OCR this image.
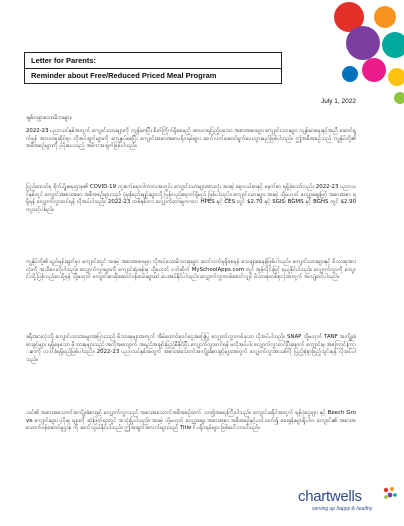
Letter for Parents:
Reminder about Free/Reduced Priced Meal Program
July 1, 2022
ချစ်လှစွာသောမိဘများ၊
2022-23 ပညာသင်နှစ်အတွက် ကျောင်းသားများကို ကျန်းမာပြီး စိတ်ကြိုက်ရှိစေမည့် အာဟာရပြည့်ဝသော အစားအစာများ ကျောင်းသားများ ကျန်းမာရေးနှင့်အညီ ဆောင်ရွက်ရန် အာဟာရဆိုင်ရာ လိုအပ်ချက်များကို ကျေနပ်စေပြီး ကျောင်းအစားအစာပရိုဂရမ်များ ဆက်လက်ဆောင်ရွက်ပေးသွားမည်ဖြစ်ပါသည်။ ဤအစီအစဉ်သည် ကျွန်ုပ်တို့၏ အစီအစဉ်များကို ပံ့ပိုးပေးသည့် အဓိကအချက်ဖြစ်ပါသည်။
ပြည်ထောင်စု စိုက်ပျိုးရေးဌာန၏ COVID-19 ကူးစက်ရောဂါကာလအတွင်း ကျောင်းသားများအားလုံး အခမဲ့ နေ့လယ်စာနှင့် မနက်စာ ရရှိခဲ့သော်လည်း 2022-23 ပညာသင်နှစ်တွင် ကျောင်းအစားအစာ အစီအစဉ်များသည် ပုံမှန်စည်းမျဉ်းများသို့ ပြန်လည်ရောက်ရှိမည် ဖြစ်ပါသည်။ ကျောင်းသားများ အခမဲ့ သို့မဟုတ် လျှော့စျေးဖြင့် အစားအစာ ရရှိရန် လျှောက်လွှာတင်ရန် လိုအပ်ပါသည်။ 2022-23 တစ်နှစ်တာ လျှောက်ထားမှုကာလ: HPES နှင့် CES တွင် $2.70 နှင့် SGIS၊ BGMS နှင့် BGHS တွင် $2.90 ကျသင့်ပါမည်။
ကျွန်ုပ်တို့၏ ရည်မှန်းချက်မှာ ကျောင်းတွင် အခမဲ့ အစားအစာများ လိုအပ်သောမိသားစုများ ဆက်လက်ရရှိစေရန် သေချာစေရန်ဖြစ်ပါသည်။ ကျောင်းသားများနှင့် မိသားစုအားလုံးကို အသိပေးလိုပါသည်။ လျှောက်လွှာများကို ကျောင်းရုံးခန်းမှ သို့မဟုတ် ဝဘ်ဆိုက် MySchoolApps.com တွင် အွန်လိုင်းဖြင့် ရယူနိုင်ပါသည်။ လျှောက်လွှာကို ကျောင်းသို့ ပြန်လည်ပေးပို့ရန် သို့မဟုတ် ကျောင်းစားဖိုဆောင်ဝန်ထမ်းများထံ ပေးအပ်နိုင်ပါသည်။ လျှောက်လွှာတစ်စောင်လျှင် မိသားစုတစ်စုလုံးအတွက် အကျုံးဝင်ပါသည်။
ခရီးအားလုံးသို့ ကျောင်းသားအများအပြားသည် မိသားစုများအတွက် အိမ်ထောင်စုဝင်ငွေအခြေပြု လျှောက်လွှာတစ်ခုသာ လိုအပ်ပါသည်။ SNAP သို့မဟုတ် TANF အကျိုးခံစားခွင့်များ ရရှိနေသော မိသားစုများသည် အလိုအလျောက် အရည်အချင်းပြည့်မီနိုင်ပြီး လျှောက်လွှာတင်ရန် မလိုအပ်ပါ။ လျှောက်လွှာတင်ပြီးနောက် ကျောင်းမှ အကြောင်းကြားစာကို လက်ခံရရှိမည်ဖြစ်ပါသည်။ 2022-23 ပညာသင်နှစ်အတွက် အစားအသောက်အကျိုးခံစားခွင့်များအတွက် လျှောက်လွှာအသစ်ကို ပြည့်စုံစွာဖြည့်သွင်းရန် လိုအပ်ပါသည်။
သင်၏ အစားအသောက်အကျိုးခံစားခွင့် လျှောက်လွှာသည် အစားအသောက်အစီအစဉ်ထက် သာ၍အရေးကြီးပါသည်။ ကျောင်းခရိုင်အတွက် ရန်ပုံငွေများ နှင့် Beech Grove ကျောင်းများ ပံ့ပိုးမှု များကို ဆုံးဖြတ်ရာတွင် အသုံးပြုပါသည်။ အခမဲ့ သို့မဟုတ် လျှော့စျေး အစားအစာ အစီအစဉ်နှင့်ပတ်သက်၍ မေးခွန်းများရှိပါက ကျောင်း၏ အစားအသောက်ဝန်ဆောင်မှုဌာန ကို ဆက်သွယ်နိုင်ပါသည်။ ဤအချက်အလက်များသည် Title I ပရိုဂရမ်များ ဖြစ်ပေါ်လာပါသည်။
chartwells
serving up happy & healthy
